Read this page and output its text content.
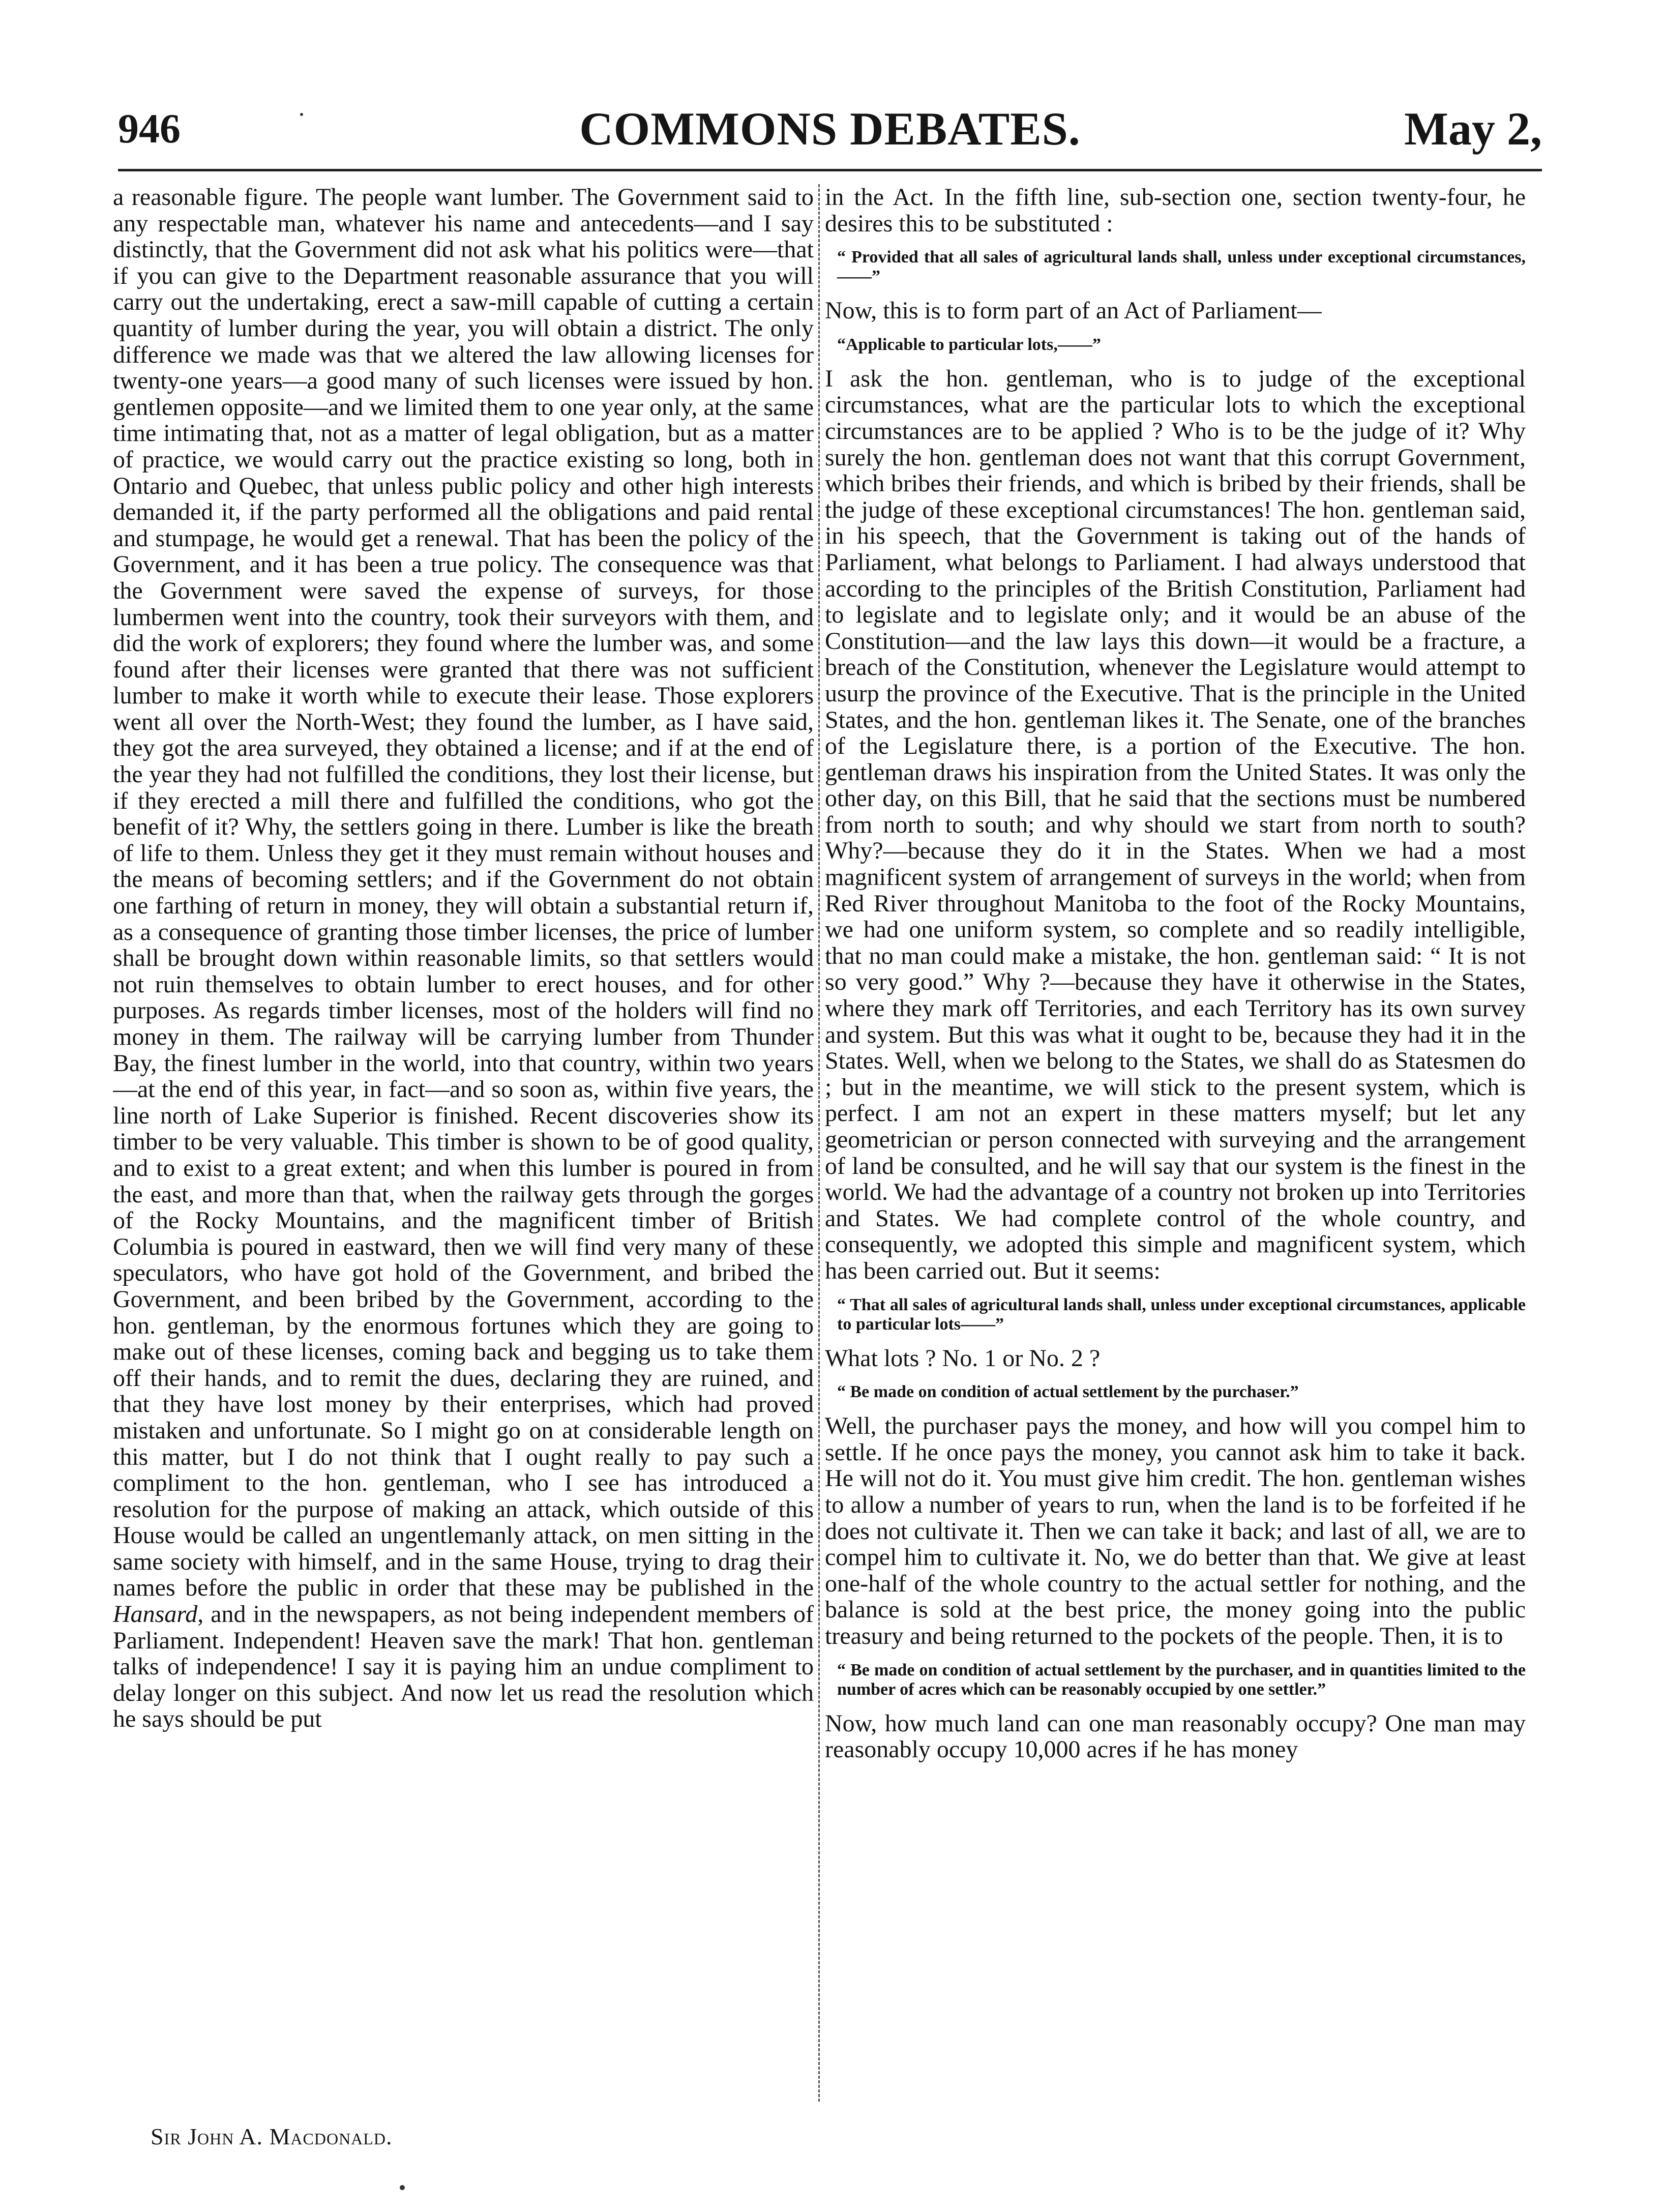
COMMONS DEBATES.
946	May 2,

a reasonable figure. The people want lumber. The Government said to any respectable man, whatever his name and antecedents—and I say distinctly, that the Government did not ask what his politics were—that if you can give to the Department reasonable assurance that you will carry out the undertaking, erect a saw-mill capable of cutting a certain quantity of lumber during the year, you will obtain a district. The only difference we made was that we altered the law allowing licenses for twenty-one years—a good many of such licenses were issued by hon. gentlemen opposite—and we limited them to one year only, at the same time intimating that, not as a matter of legal obligation, but as a matter of practice, we would carry out the practice existing so long, both in Ontario and Quebec, that unless public policy and other high interests demanded it, if the party performed all the obligations and paid rental and stumpage, he would get a renewal. That has been the policy of the Government, and it has been a true policy. The consequence was that the Government were saved the expense of surveys, for those lumbermen went into the country, took their surveyors with them, and did the work of explorers; they found where the lumber was, and some found after their licenses were granted that there was not sufficient lumber to make it worth while to execute their lease. Those explorers went all over the North-West; they found the lumber, as I have said, they got the area surveyed, they obtained a license; and if at the end of the year they had not fulfilled the conditions, they lost their license, but if they erected a mill there and fulfilled the conditions, who got the benefit of it? Why, the settlers going in there. Lumber is like the breath of life to them. Unless they get it they must remain without houses and the means of becoming settlers; and if the Government do not obtain one farthing of return in money, they will obtain a substantial return if, as a consequence of granting those timber licenses, the price of lumber shall be brought down within reasonable limits, so that settlers would not ruin themselves to obtain lumber to erect houses, and for other purposes. As regards timber licenses, most of the holders will find no money in them. The railway will be carrying lumber from Thunder Bay, the finest lumber in the world, into that country, within two years—at the end of this year, in fact—and so soon as, within five years, the line north of Lake Superior is finished. Recent discoveries show its timber to be very valuable. This timber is shown to be of good quality, and to exist to a great extent; and when this lumber is poured in from the east, and more than that, when the railway gets through the gorges of the Rocky Mountains, and the magnificent timber of British Columbia is poured in eastward, then we will find very many of these speculators, who have got hold of the Government, and bribed the Government, and been bribed by the Government, according to the hon. gentleman, by the enormous fortunes which they are going to make out of these licenses, coming back and begging us to take them off their hands, and to remit the dues, declaring they are ruined, and that they have lost money by their enterprises, which had proved mistaken and unfortunate. So I might go on at considerable length on this matter, but I do not think that I ought really to pay such a compliment to the hon. gentleman, who I see has introduced a resolution for the purpose of making an attack, which outside of this House would be called an ungentlemanly attack, on men sitting in the same society with himself, and in the same House, trying to drag their names before the public in order that these may be published in the Hansard, and in the newspapers, as not being independent members of Parliament. Independent! Heaven save the mark! That hon. gentleman talks of independence! I say it is paying him an undue compliment to delay longer on this subject. And now let us read the resolution which he says should be put

in the Act. In the fifth line, sub-section one, section twenty-four, he desires this to be substituted :

“ Provided that all sales of agricultural lands shall, unless under exceptional circumstances,——”

Now, this is to form part of an Act of Parliament—

“Applicable to particular lots,——”

I ask the hon. gentleman, who is to judge of the exceptional circumstances, what are the particular lots to which the exceptional circumstances are to be applied ? Who is to be the judge of it? Why surely the hon. gentleman does not want that this corrupt Government, which bribes their friends, and which is bribed by their friends, shall be the judge of these exceptional circumstances! The hon. gentleman said, in his speech, that the Government is taking out of the hands of Parliament, what belongs to Parliament. I had always understood that according to the principles of the British Constitution, Parliament had to legislate and to legislate only; and it would be an abuse of the Constitution—and the law lays this down—it would be a fracture, a breach of the Constitution, whenever the Legislature would attempt to usurp the province of the Executive. That is the principle in the United States, and the hon. gentleman likes it. The Senate, one of the branches of the Legislature there, is a portion of the Executive. The hon. gentleman draws his inspiration from the United States. It was only the other day, on this Bill, that he said that the sections must be numbered from north to south; and why should we start from north to south? Why?—because they do it in the States. When we had a most magnificent system of arrangement of surveys in the world; when from Red River throughout Manitoba to the foot of the Rocky Mountains, we had one uniform system, so complete and so readily intelligible, that no man could make a mistake, the hon. gentleman said: “ It is not so very good.” Why ?—because they have it otherwise in the States, where they mark off Territories, and each Territory has its own survey and system. But this was what it ought to be, because they had it in the States. Well, when we belong to the States, we shall do as Statesmen do ; but in the meantime, we will stick to the present system, which is perfect. I am not an expert in these matters myself; but let any geometrician or person connected with surveying and the arrangement of land be consulted, and he will say that our system is the finest in the world. We had the advantage of a country not broken up into Territories and States. We had complete control of the whole country, and consequently, we adopted this simple and magnificent system, which has been carried out. But it seems:

“ That all sales of agricultural lands shall, unless under exceptional circumstances, applicable to particular lots——”

What lots ? No. 1 or No. 2 ?

“ Be made on condition of actual settlement by the purchaser.”

Well, the purchaser pays the money, and how will you compel him to settle. If he once pays the money, you cannot ask him to take it back. He will not do it. You must give him credit. The hon. gentleman wishes to allow a number of years to run, when the land is to be forfeited if he does not cultivate it. Then we can take it back; and last of all, we are to compel him to cultivate it. No, we do better than that. We give at least one-half of the whole country to the actual settler for nothing, and the balance is sold at the best price, the money going into the public treasury and being returned to the pockets of the people. Then, it is to

“ Be made on condition of actual settlement by the purchaser, and in quantities limited to the number of acres which can be reasonably occupied by one settler.”

Now, how much land can one man reasonably occupy? One man may reasonably occupy 10,000 acres if he has money

Sir John A. Macdonald.
